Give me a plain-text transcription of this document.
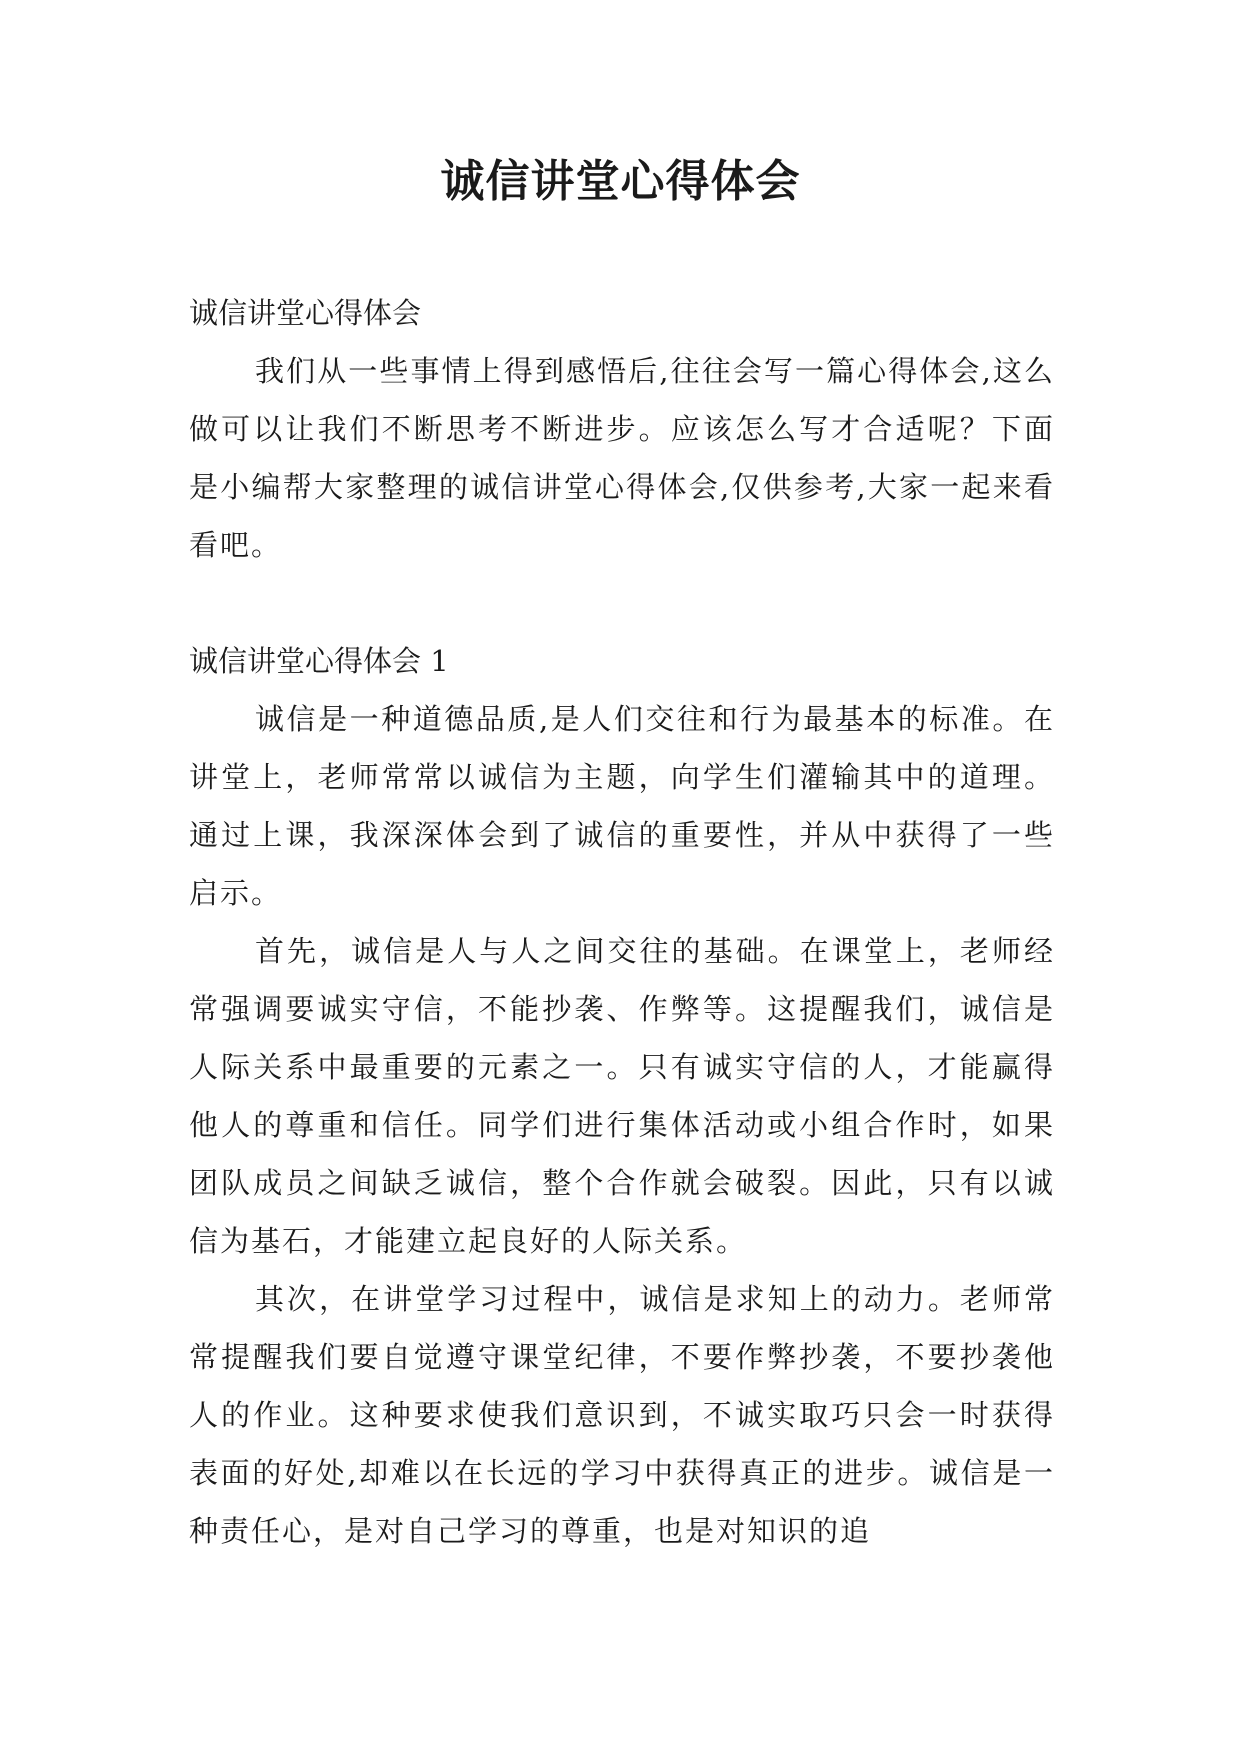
诚信讲堂心得体会

诚信讲堂心得体会

我们从一些事情上得到感悟后,往往会写一篇心得体会,这么做可以让我们不断思考不断进步。应该怎么写才合适呢？下面是小编帮大家整理的诚信讲堂心得体会,仅供参考,大家一起来看看吧。

诚信讲堂心得体会 1

诚信是一种道德品质,是人们交往和行为最基本的标准。在讲堂上，老师常常以诚信为主题，向学生们灌输其中的道理。通过上课，我深深体会到了诚信的重要性，并从中获得了一些启示。

首先，诚信是人与人之间交往的基础。在课堂上，老师经常强调要诚实守信，不能抄袭、作弊等。这提醒我们，诚信是人际关系中最重要的元素之一。只有诚实守信的人，才能赢得他人的尊重和信任。同学们进行集体活动或小组合作时，如果团队成员之间缺乏诚信，整个合作就会破裂。因此，只有以诚信为基石，才能建立起良好的人际关系。

其次，在讲堂学习过程中，诚信是求知上的动力。老师常常提醒我们要自觉遵守课堂纪律，不要作弊抄袭，不要抄袭他人的作业。这种要求使我们意识到，不诚实取巧只会一时获得表面的好处,却难以在长远的学习中获得真正的进步。诚信是一种责任心，是对自己学习的尊重，也是对知识的追
